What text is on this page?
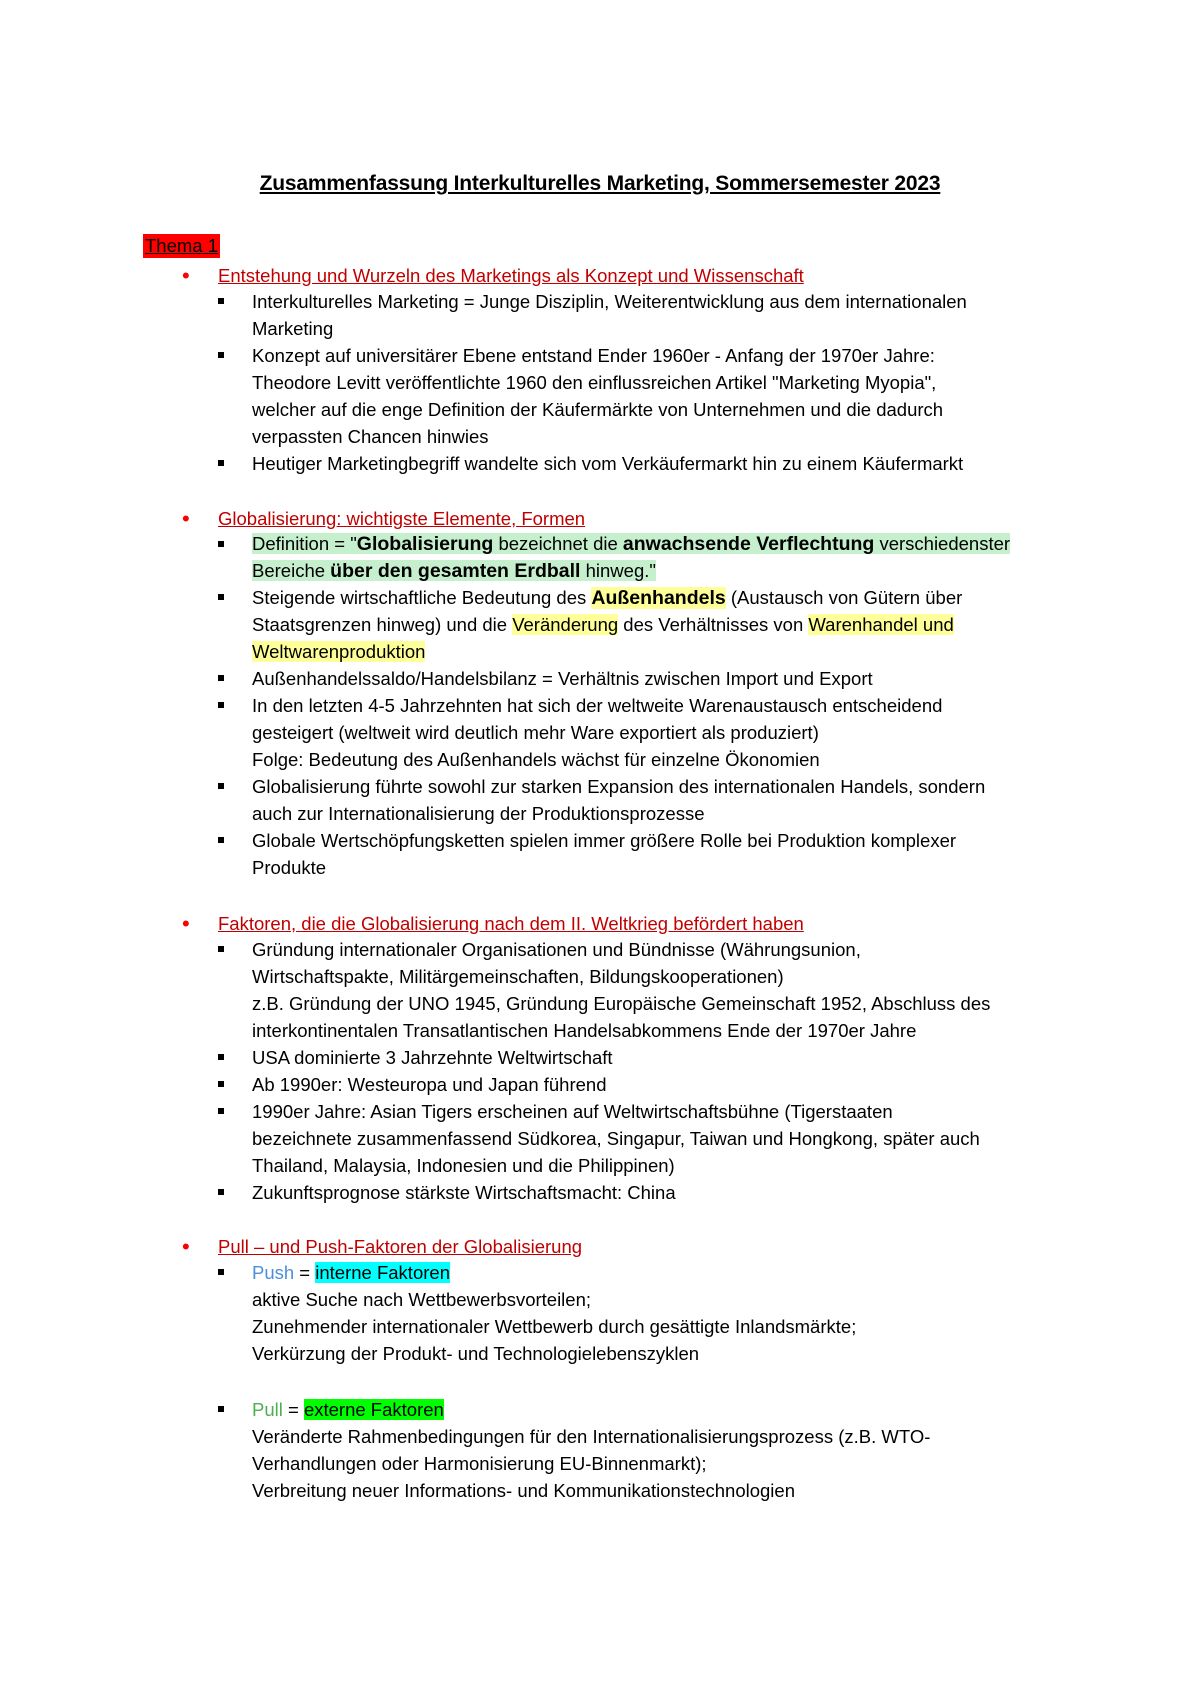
Zusammenfassung Interkulturelles Marketing, Sommersemester 2023
Thema 1
• Entstehung und Wurzeln des Marketings als Konzept und Wissenschaft
Interkulturelles Marketing = Junge Disziplin, Weiterentwicklung aus dem internationalen
Marketing
Konzept auf universitärer Ebene entstand Ender 1960er - Anfang der 1970er Jahre:
Theodore Levitt veröffentlichte 1960 den einflussreichen Artikel "Marketing Myopia",
welcher auf die enge Definition der Käufermärkte von Unternehmen und die dadurch
verpassten Chancen hinwies
Heutiger Marketingbegriff wandelte sich vom Verkäufermarkt hin zu einem Käufermarkt
• Globalisierung: wichtigste Elemente, Formen
Definition = "Globalisierung bezeichnet die anwachsende Verflechtung verschiedenster
Bereiche über den gesamten Erdball hinweg."
Steigende wirtschaftliche Bedeutung des Außenhandels (Austausch von Gütern über
Staatsgrenzen hinweg) und die Veränderung des Verhältnisses von Warenhandel und
Weltwarenproduktion
Außenhandelssaldo/Handelsbilanz = Verhältnis zwischen Import und Export
In den letzten 4-5 Jahrzehnten hat sich der weltweite Warenaustausch entscheidend
gesteigert (weltweit wird deutlich mehr Ware exportiert als produziert)
Folge: Bedeutung des Außenhandels wächst für einzelne Ökonomien
Globalisierung führte sowohl zur starken Expansion des internationalen Handels, sondern
auch zur Internationalisierung der Produktionsprozesse
Globale Wertschöpfungsketten spielen immer größere Rolle bei Produktion komplexer
Produkte
• Faktoren, die die Globalisierung nach dem II. Weltkrieg befördert haben
Gründung internationaler Organisationen und Bündnisse (Währungsunion,
Wirtschaftspakte, Militärgemeinschaften, Bildungskooperationen)
z.B. Gründung der UNO 1945, Gründung Europäische Gemeinschaft 1952, Abschluss des
interkontinentalen Transatlantischen Handelsabkommens Ende der 1970er Jahre
USA dominierte 3 Jahrzehnte Weltwirtschaft
Ab 1990er: Westeuropa und Japan führend
1990er Jahre: Asian Tigers erscheinen auf Weltwirtschaftsbühne (Tigerstaaten
bezeichnete zusammenfassend Südkorea, Singapur, Taiwan und Hongkong, später auch
Thailand, Malaysia, Indonesien und die Philippinen)
Zukunftsprognose stärkste Wirtschaftsmacht: China
• Pull – und Push-Faktoren der Globalisierung
Push = interne Faktoren
aktive Suche nach Wettbewerbsvorteilen;
Zunehmender internationaler Wettbewerb durch gesättigte Inlandsmärkte;
Verkürzung der Produkt- und Technologielebenszyklen
Pull = externe Faktoren
Veränderte Rahmenbedingungen für den Internationalisierungsprozess (z.B. WTO-
Verhandlungen oder Harmonisierung EU-Binnenmarkt);
Verbreitung neuer Informations- und Kommunikationstechnologien
